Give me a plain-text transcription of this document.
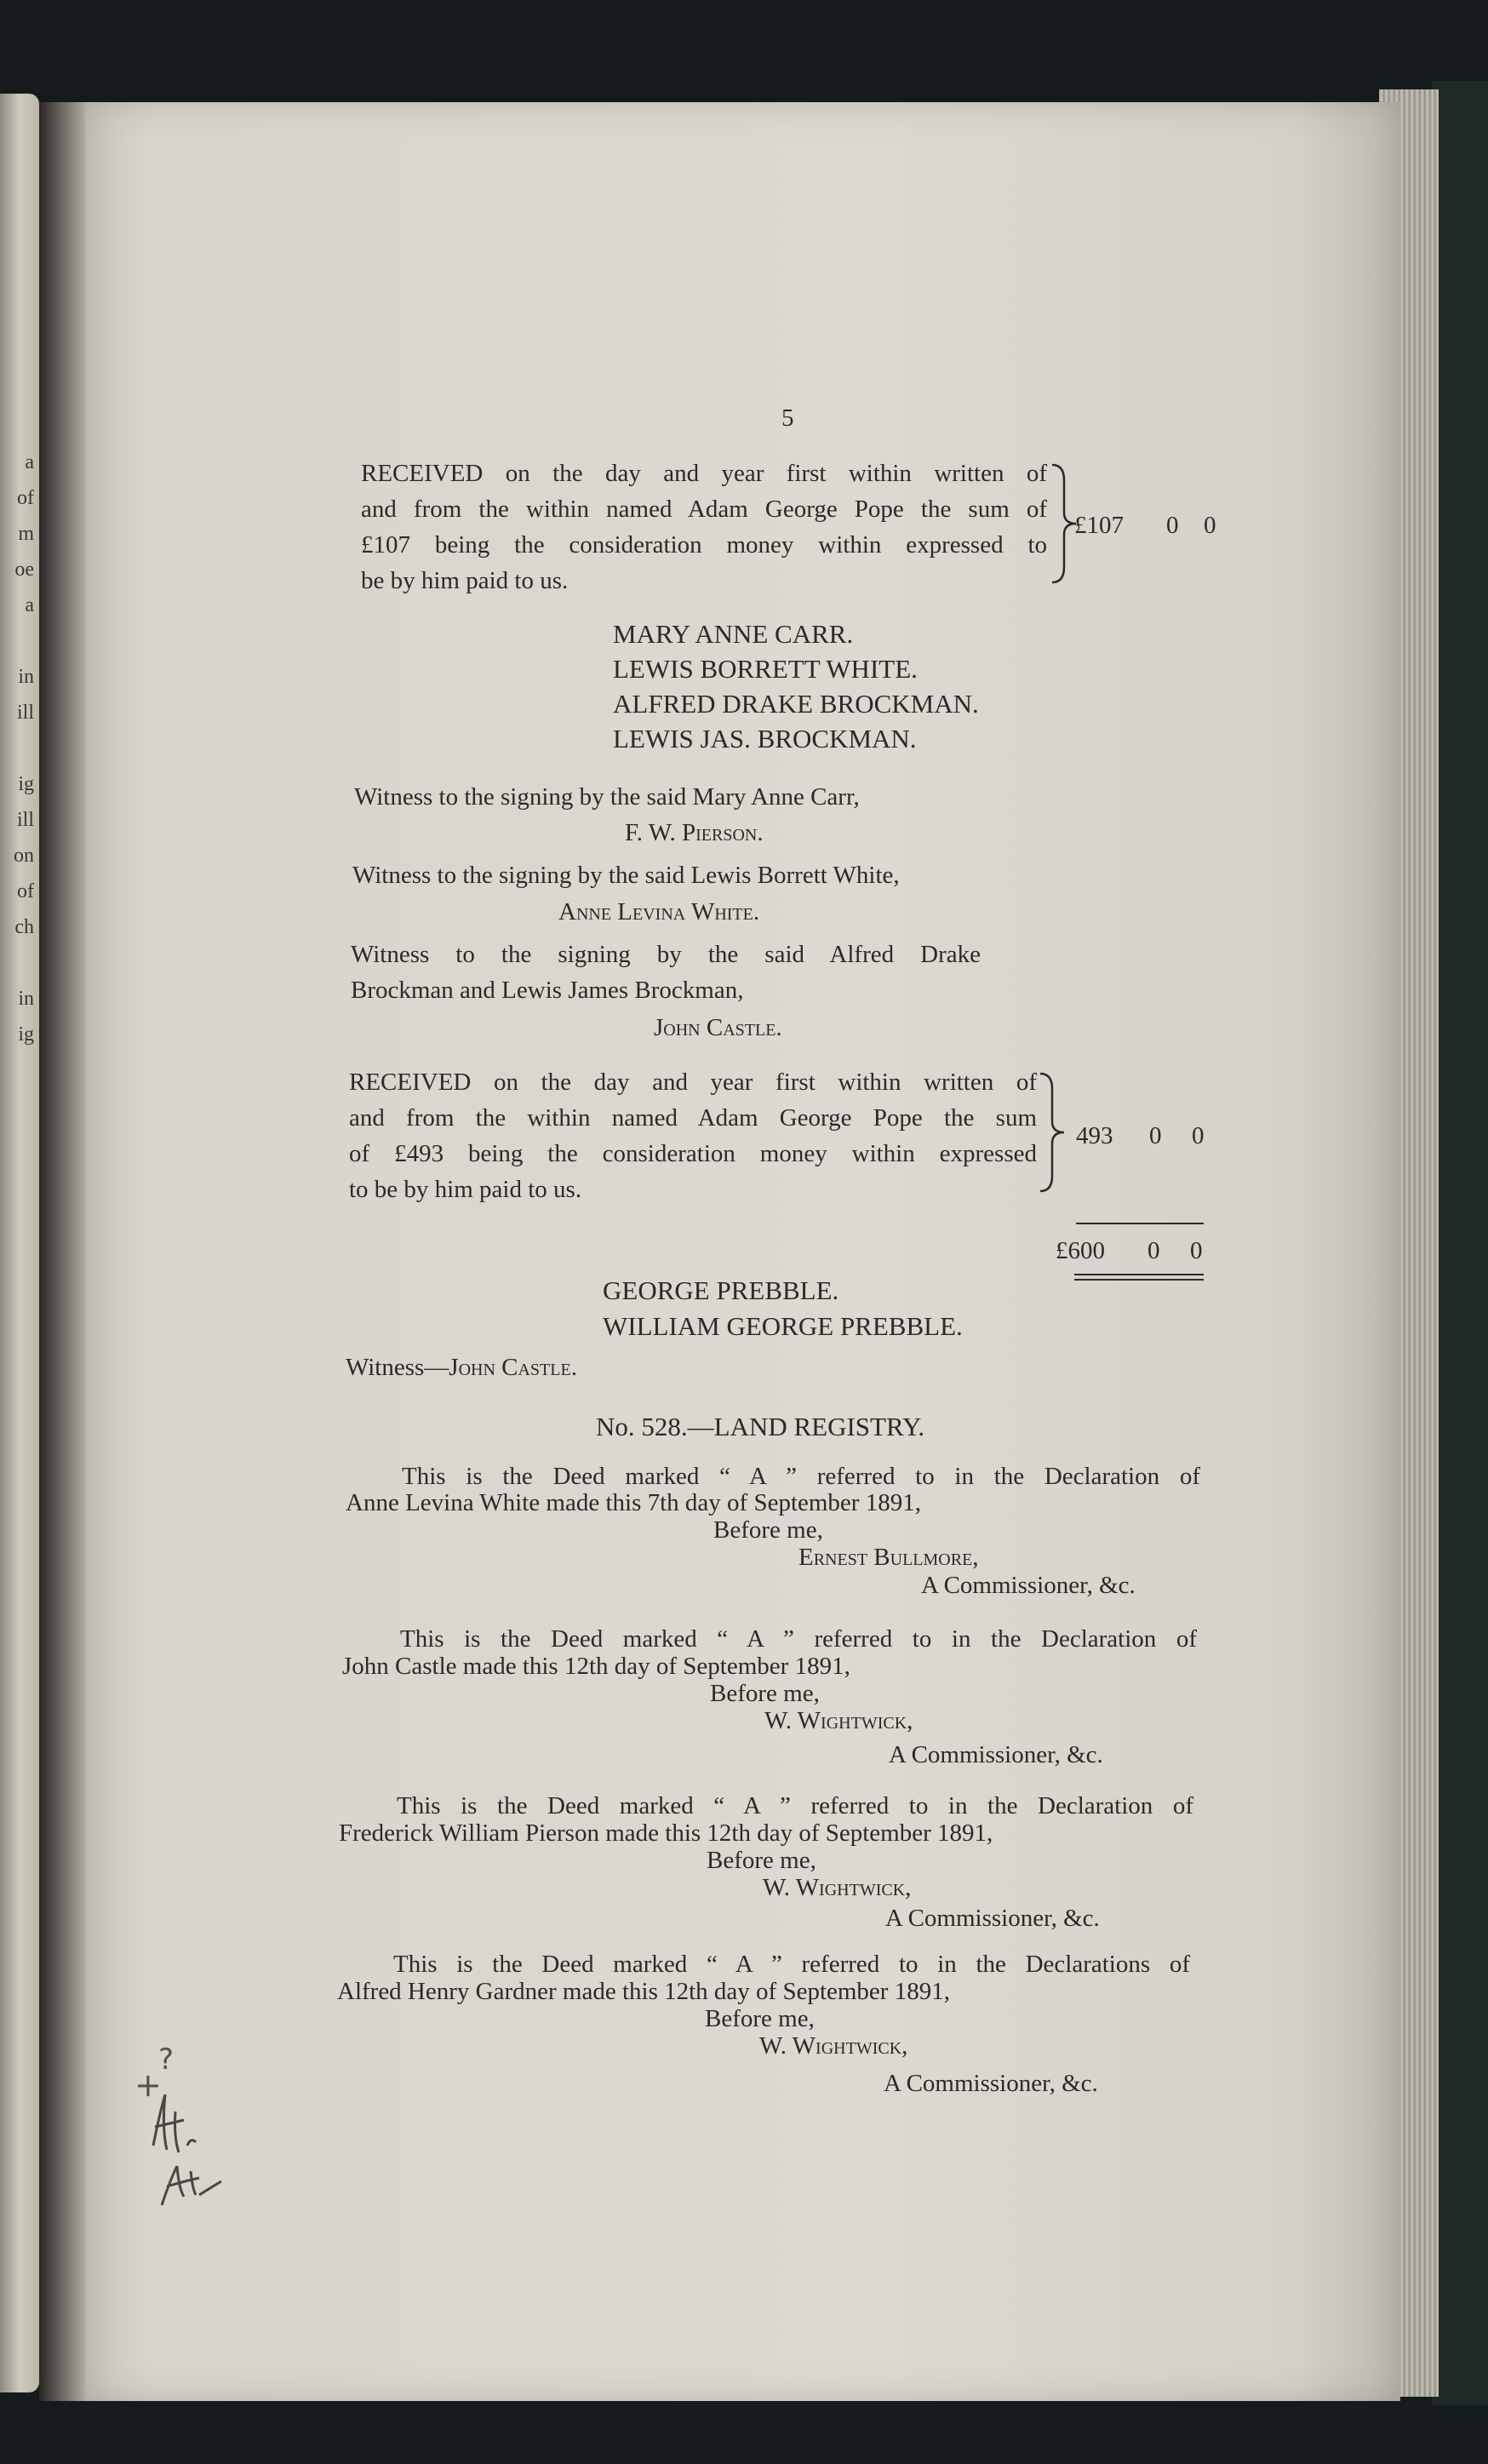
a
of
m
oe
a
in
ill
ig
ill
on
of
ch
in
ig
5
RECEIVED on the day and year first within written of
and from the within named Adam George Pope the sum of
£107 being the consideration money within expressed to
be by him paid to us.
£107 0 0
MARY ANNE CARR.
LEWIS BORRETT WHITE.
ALFRED DRAKE BROCKMAN.
LEWIS JAS. BROCKMAN.
Witness to the signing by the said Mary Anne Carr,
F. W. Pierson.
Witness to the signing by the said Lewis Borrett White,
Anne Levina White.
Witness to the signing by the said Alfred Drake
Brockman and Lewis James Brockman,
John Castle.
RECEIVED on the day and year first within written of
and from the within named Adam George Pope the sum
of £493 being the consideration money within expressed
to be by him paid to us.
493 0 0
£600 0 0
GEORGE PREBBLE.
WILLIAM GEORGE PREBBLE.
Witness—John Castle.
No. 528.—LAND REGISTRY.
This is the Deed marked “ A ” referred to in the Declaration of
Anne Levina White made this 7th day of September 1891,
Before me,
Ernest Bullmore,
A Commissioner, &c.
This is the Deed marked “ A ” referred to in the Declaration of
John Castle made this 12th day of September 1891,
Before me,
W. Wightwick,
A Commissioner, &c.
This is the Deed marked “ A ” referred to in the Declaration of
Frederick William Pierson made this 12th day of September 1891,
Before me,
W. Wightwick,
A Commissioner, &c.
This is the Deed marked “ A ” referred to in the Declarations of
Alfred Henry Gardner made this 12th day of September 1891,
Before me,
W. Wightwick,
A Commissioner, &c.
?
+
